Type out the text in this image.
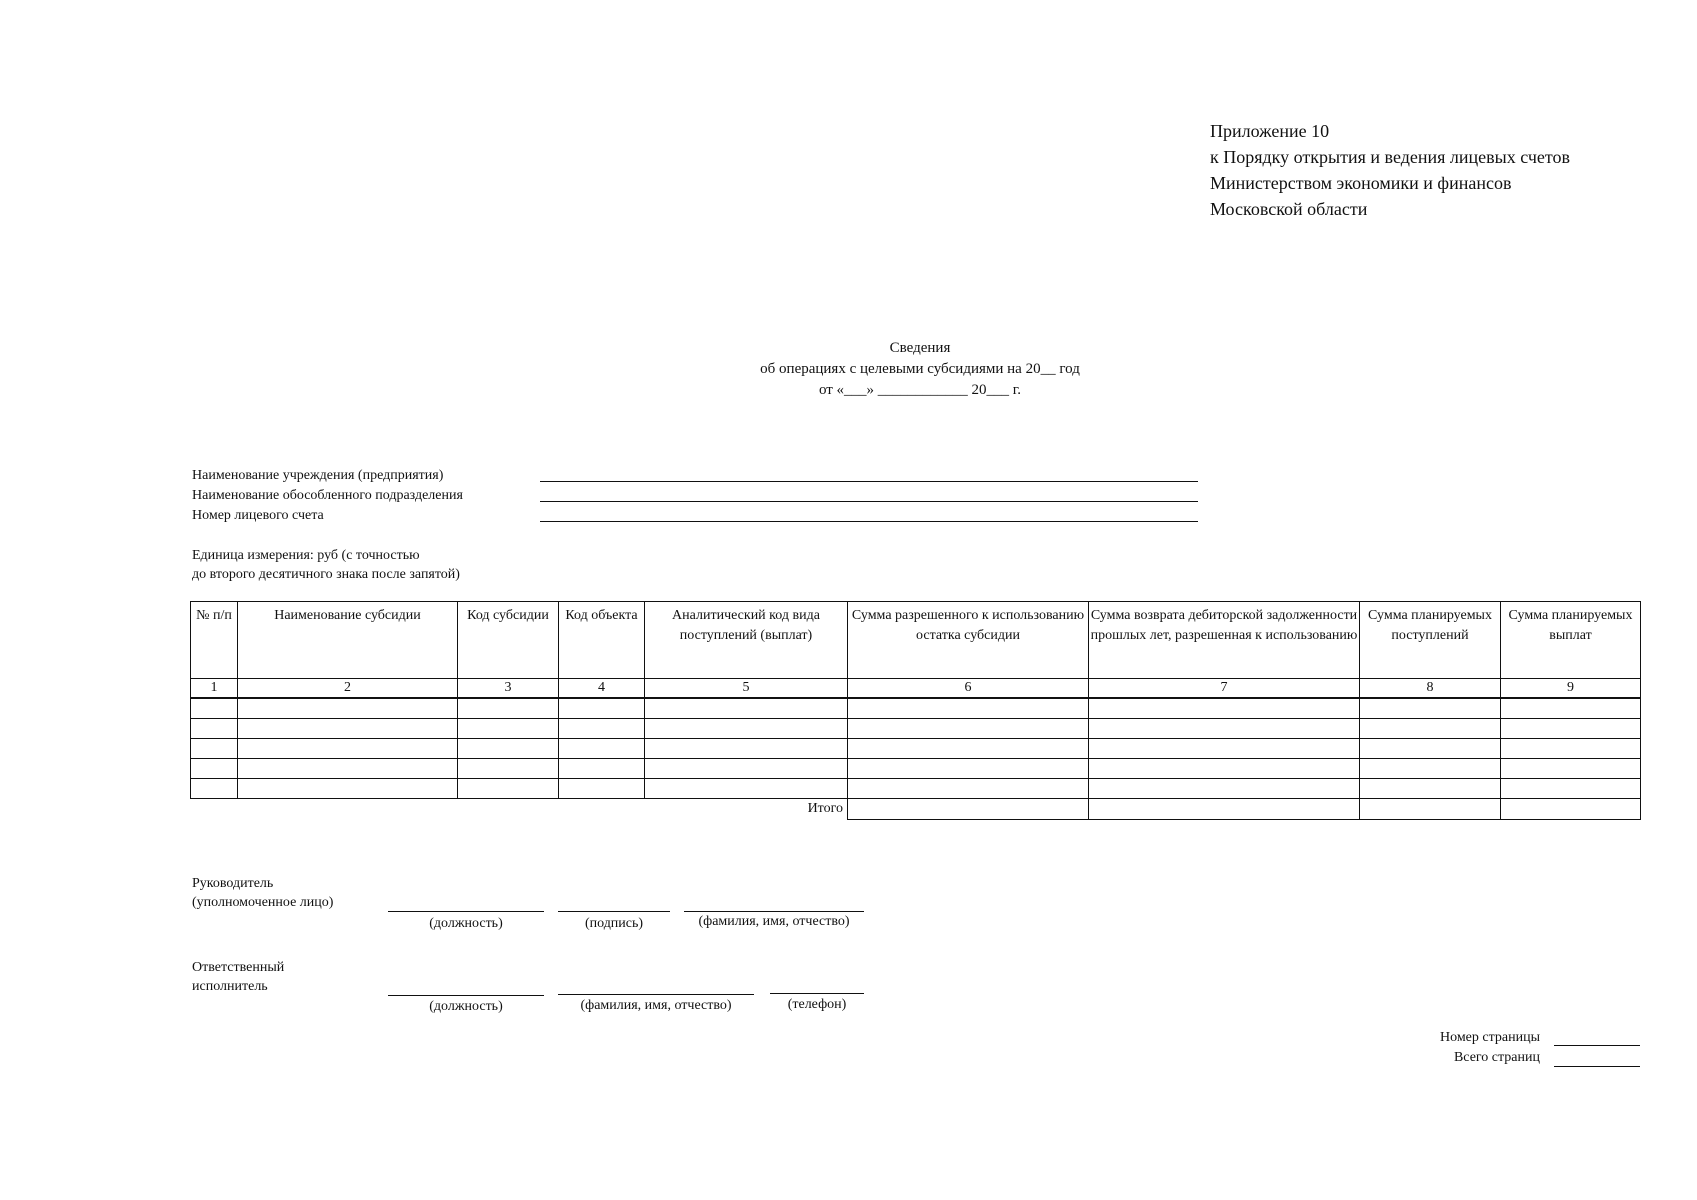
Приложение 10
к Порядку открытия и ведения лицевых счетов
Министерством экономики и финансов
Московской области
Сведения
об операциях с целевыми субсидиями на 20__ год
от «___» ____________ 20___ г.
Наименование учреждения (предприятия)
Наименование обособленного подразделения
Номер лицевого счета
Единица измерения: руб (с точностью
до второго десятичного знака после запятой)
№ п/п	Наименование субсидии	Код субсидии	Код объекта	Аналитический код вида поступлений (выплат)	Сумма разрешенного к использованию остатка субсидии	Сумма возврата дебиторской задолженности прошлых лет, разрешенная к использованию	Сумма планируемых поступлений	Сумма планируемых выплат
1	2	3	4	5	6	7	8	9

Итого								
Руководитель
(уполномоченное лицо)
(должность)	(подпись)	(фамилия, имя, отчество)
Ответственный
исполнитель
(должность)	(фамилия, имя, отчество)	(телефон)
Номер страницы
Всего страниц
